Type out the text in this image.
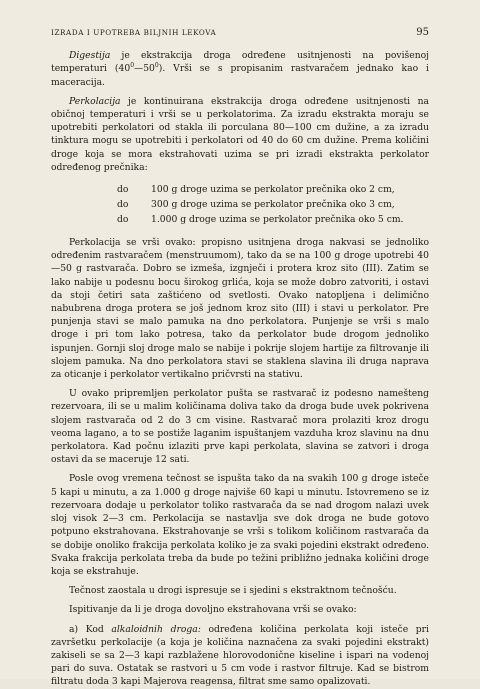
IZRADA I UPOTREBA BILJNIH LEKOVA	95

Digestija je ekstrakcija droga određene usitnjenosti na povišenoj temperaturi $(40^0—50^0)$. Vrši se s propisanim rastvaračem jednako kao i maceracija.

Perkolacija je kontinuirana ekstrakcija droga određene usitnjenosti na običnoj temperaturi i vrši se u perkolatorima. Za izradu ekstrakta moraju se upotrebiti perkolatori od stakla ili porculana 80—100 cm dužine, a za izradu tinktura mogu se upotrebiti i perkolatori od 40 do 60 cm dužine. Prema količini droge koja se mora ekstrahovati uzima se pri izradi ekstrakta perkolator određenog prečnika:

do	100 g droge uzima se perkolator prečnika oko 2 cm,
do	300 g droge uzima se perkolator prečnika oko 3 cm,
do	1.000 g droge uzima se perkolator prečnika oko 5 cm.

Perkolacija se vrši ovako: propisno usitnjena droga nakvasi se jednoliko određenim rastvaračem (menstruumom), tako da se na 100 g droge upotrebi 40—50 g rastvarača. Dobro se izmeša, izgnječi i protera kroz sito (III). Zatim se lako nabije u podesnu bocu širokog grlića, koja se može dobro zatvoriti, i ostavi da stoji četiri sata zaštićeno od svetlosti. Ovako natopljena i delimično nabubrena droga protera se još jednom kroz sito (III) i stavi u perkolator. Pre punjenja stavi se malo pamuka na dno perkolatora. Punjenje se vrši s malo droge i pri tom lako potresa, tako da perkolator bude drogom jednoliko ispunjen. Gornji sloj droge malo se nabije i pokrije slojem hartije za filtrovanje ili slojem pamuka. Na dno perkolatora stavi se staklena slavina ili druga naprava za oticanje i perkolator vertikalno pričvrsti na stativu.

U ovako pripremljen perkolator pušta se rastvarač iz podesno namešteng rezervoara, ili se u malim količinama doliva tako da droga bude uvek pokrivena slojem rastvarača od 2 do 3 cm visine. Rastvarač mora prolaziti kroz drogu veoma lagano, a to se postiže laganim ispuštanjem vazduha kroz slavinu na dnu perkolatora. Kad počnu izlaziti prve kapi perkolata, slavina se zatvori i droga ostavi da se maceruje 12 sati.

Posle ovog vremena tečnost se ispušta tako da na svakih 100 g droge isteče 5 kapi u minutu, a za 1.000 g droge najviše 60 kapi u minutu. Istovremeno se iz rezervoara dodaje u perkolator toliko rastvarača da se nad drogom nalazi uvek sloj visok 2—3 cm. Perkolacija se nastavlja sve dok droga ne bude gotovo potpuno ekstrahovana. Ekstrahovanje se vrši s tolikom količinom rastvarača da se dobije onoliko frakcija perkolata koliko je za svaki pojedini ekstrakt određeno. Svaka frakcija perkolata treba da bude po težini približno jednaka količini droge koja se ekstrahuje.

Tečnost zaostala u drogi ispresuje se i sjedini s ekstraktnom tečnošću.

Ispitivanje da li je droga dovoljno ekstrahovana vrši se ovako:

a) Kod alkaloidnih droga: određena količina perkolata koji isteče pri završetku perkolacije (a koja je količina naznačena za svaki pojedini ekstrakt) zakiseli se sa 2—3 kapi razblažene hlorovodonične kiseline i ispari na vodenoj pari do suva. Ostatak se rastvori u 5 cm vode i rastvor filtruje. Kad se bistrom filtratu doda 3 kapi Majerova reagensa, filtrat sme samo opalizovati.
